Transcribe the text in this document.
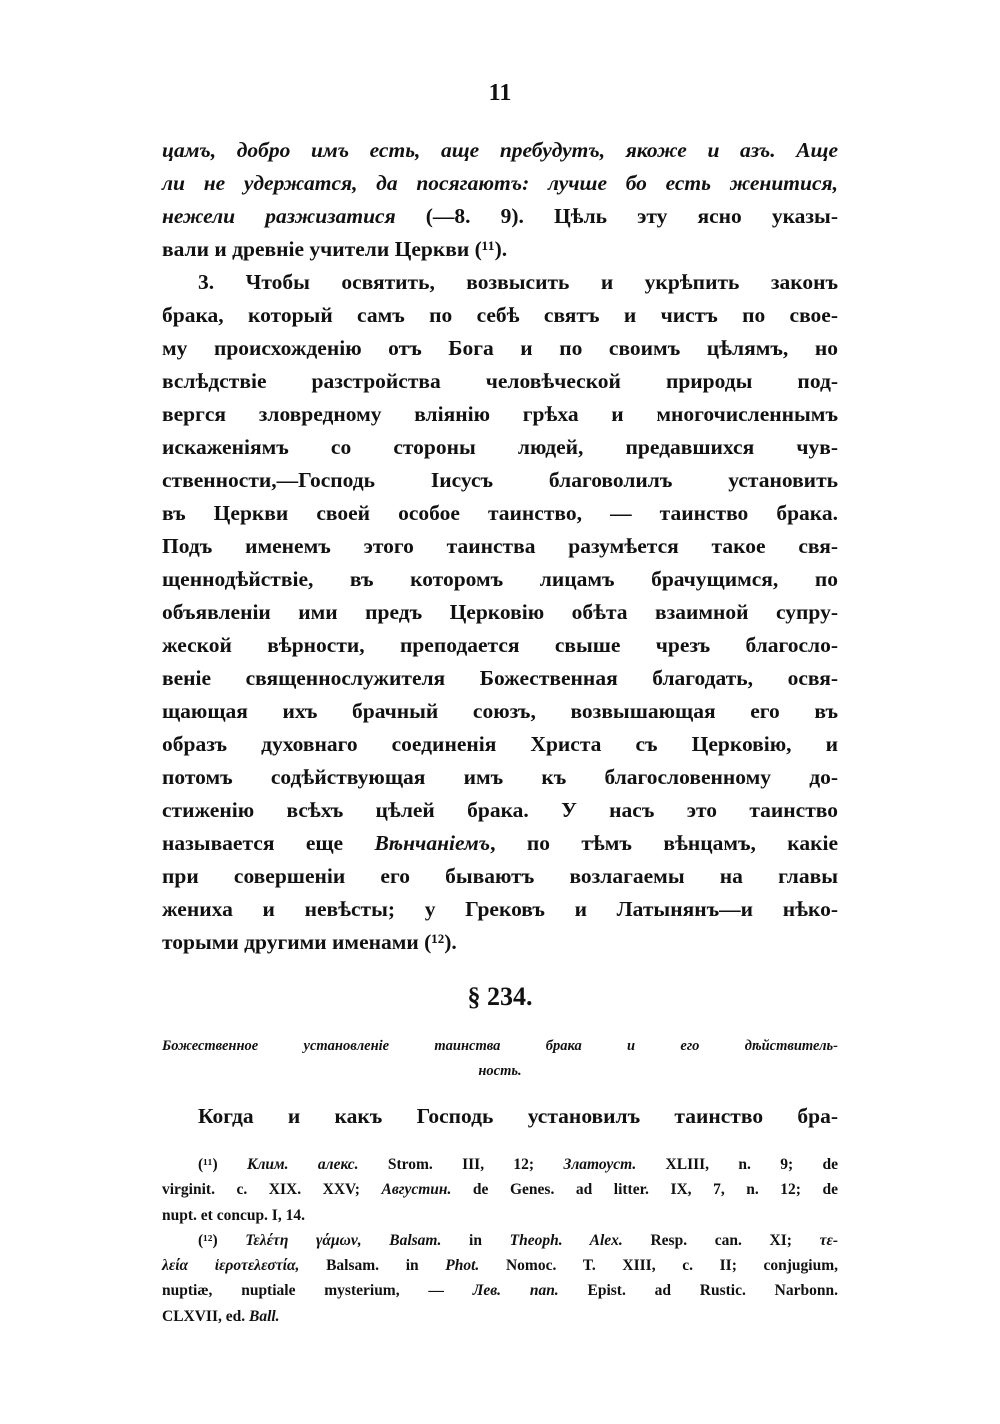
11
цамъ, добро имъ есть, аще пребудутъ, якоже и азъ. Аще
ли не удержатся, да посягаютъ: лучше бо есть женитися,
нежели разжизатися (—8. 9). Цѣль эту ясно указы-
вали и древніе учители Церкви (¹¹).
3. Чтобы освятить, возвысить и укрѣпить законъ
брака, который самъ по себѣ святъ и чистъ по свое-
му происхожденію отъ Бога и по своимъ цѣлямъ, но
вслѣдствіе разстройства человѣческой природы под-
вергся зловредному вліянію грѣха и многочисленнымъ
искаженіямъ со стороны людей, предавшихся чув-
ственности,—Господь Іисусъ благоволилъ установить
въ Церкви своей особое таинство, — таинство брака.
Подъ именемъ этого таинства разумѣется такое свя-
щеннодѣйствіе, въ которомъ лицамъ брачущимся, по
объявленіи ими предъ Церковію обѣта взаимной супру-
жеской вѣрности, преподается свыше чрезъ благосло-
веніе священнослужителя Божественная благодать, освя-
щающая ихъ брачный союзъ, возвышающая его въ
образъ духовнаго соединенія Христа съ Церковію, и
потомъ содѣйствующая имъ къ благословенному до-
стиженію всѣхъ цѣлей брака. У насъ это таинство
называется еще Вѣнчаніемъ, по тѣмъ вѣнцамъ, какіе
при совершеніи его бываютъ возлагаемы на главы
жениха и невѣсты; у Грековъ и Латынянъ—и нѣко-
торыми другими именами (¹²).
§ 234.
Божественное установленіе таинства брака и его дѣйствитель-
ность.
Когда и какъ Господь установилъ таинство бра-
(¹¹) Клим. алекс. Strom. III, 12; Златоуст. XLIII, n. 9; de
virginit. c. XIX. XXV; Августин. de Genes. ad litter. IX, 7, n. 12; de
nupt. et concup. I, 14.
(¹²) Τελέτη γάμων, Balsam. in Theoph. Alex. Resp. can. XI; τε-
λεία ἱεροτελεστία, Balsam. in Phot. Nomoc. T. XIII, c. II; conjugium,
nuptiæ, nuptiale mysterium, — Лев. пап. Epist. ad Rustic. Narbonn.
CLXVII, ed. Ball.
